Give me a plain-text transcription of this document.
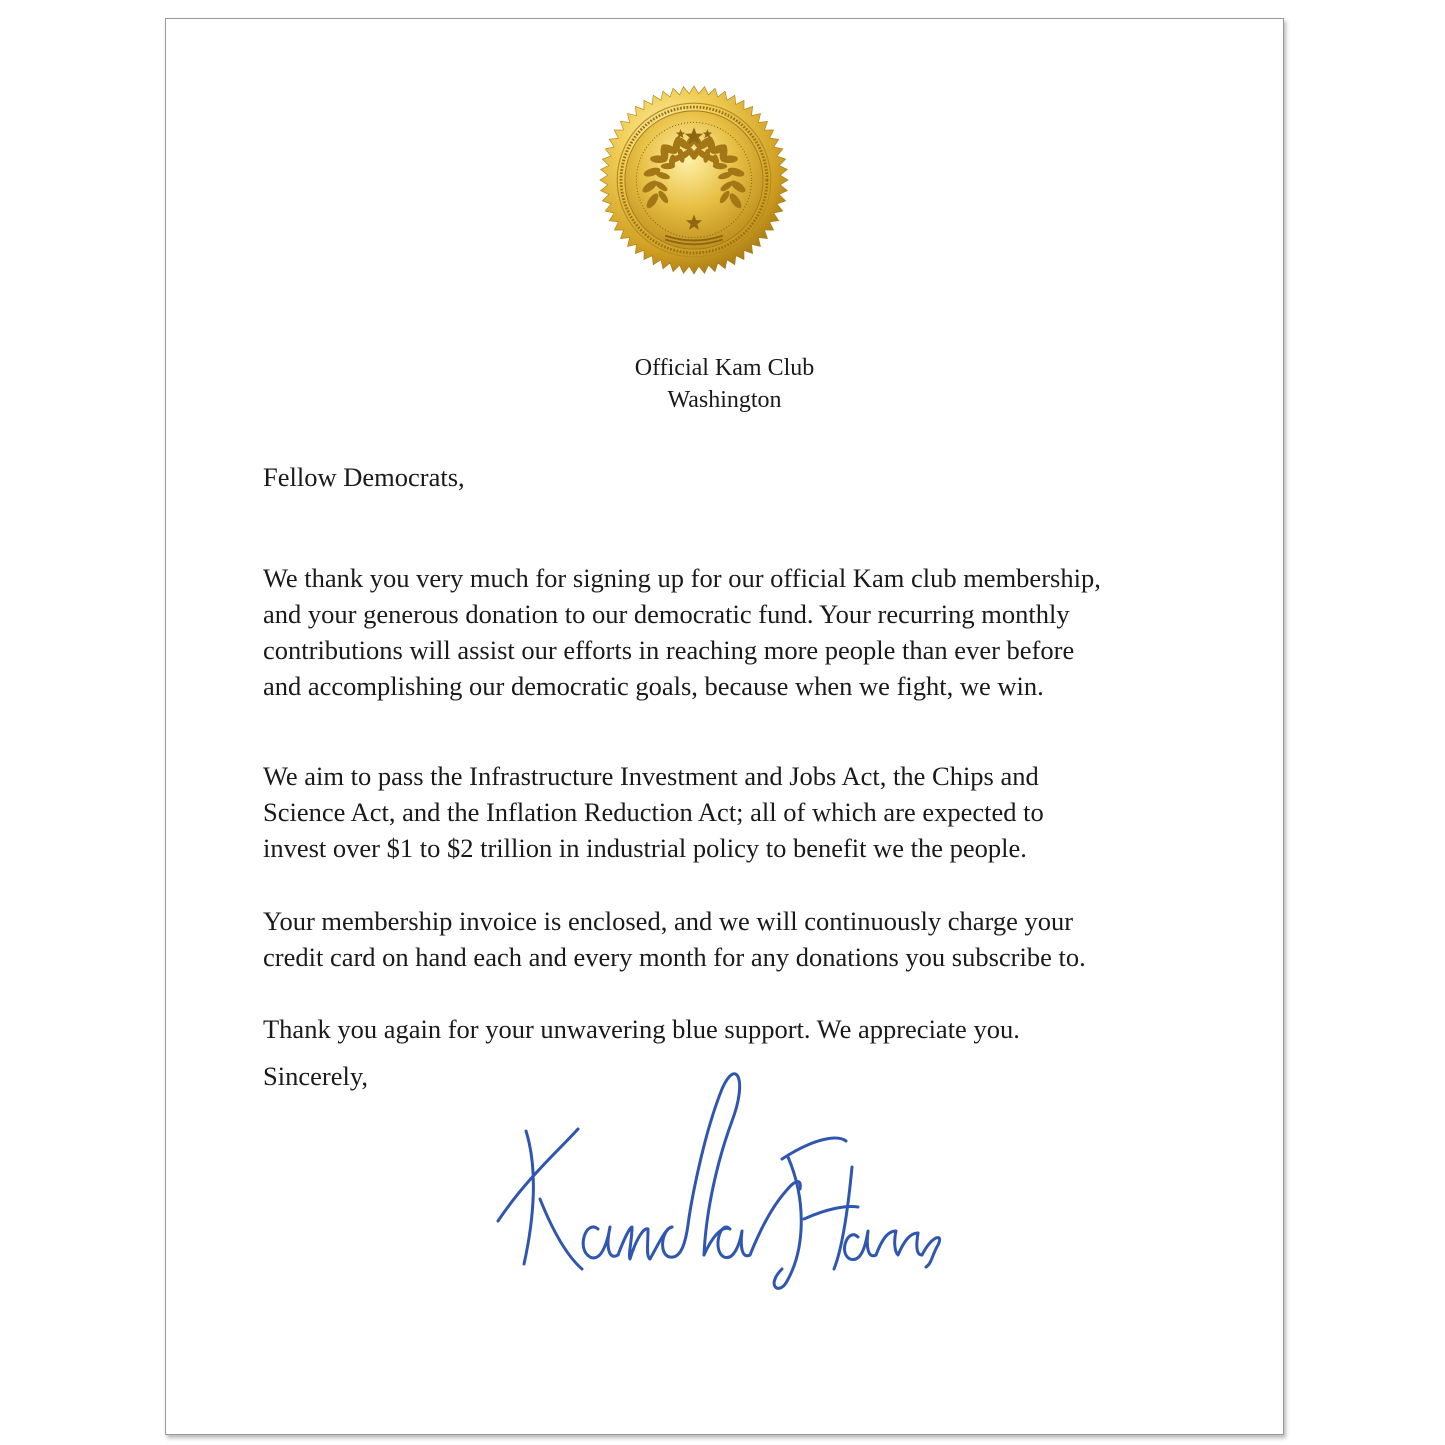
Official Kam Club
Washington
Fellow Democrats,

We thank you very much for signing up for our official Kam club membership,
and your generous donation to our democratic fund. Your recurring monthly
contributions will assist our efforts in reaching more people than ever before
and accomplishing our democratic goals, because when we fight, we win.

We aim to pass the Infrastructure Investment and Jobs Act, the Chips and
Science Act, and the Inflation Reduction Act; all of which are expected to
invest over $1 to $2 trillion in industrial policy to benefit we the people.

Your membership invoice is enclosed, and we will continuously charge your
credit card on hand each and every month for any donations you subscribe to.

Thank you again for your unwavering blue support. We appreciate you.

Sincerely,
